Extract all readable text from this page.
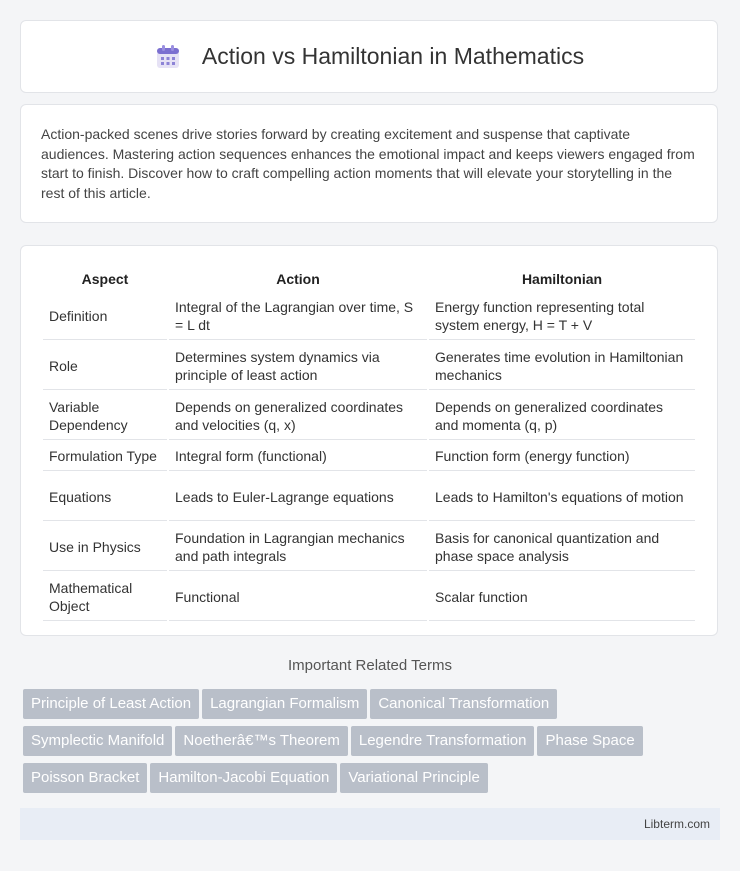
Action vs Hamiltonian in Mathematics

Action-packed scenes drive stories forward by creating excitement and suspense that captivate audiences. Mastering action sequences enhances the emotional impact and keeps viewers engaged from start to finish. Discover how to craft compelling action moments that will elevate your storytelling in the rest of this article.

Aspect	Action	Hamiltonian
Definition	Integral of the Lagrangian over time, S = L dt	Energy function representing total system energy, H = T + V
Role	Determines system dynamics via principle of least action	Generates time evolution in Hamiltonian mechanics
Variable Dependency	Depends on generalized coordinates and velocities (q, x)	Depends on generalized coordinates and momenta (q, p)
Formulation Type	Integral form (functional)	Function form (energy function)
Equations	Leads to Euler-Lagrange equations	Leads to Hamilton's equations of motion
Use in Physics	Foundation in Lagrangian mechanics and path integrals	Basis for canonical quantization and phase space analysis
Mathematical Object	Functional	Scalar function
Important Related Terms
Principle of Least Action Lagrangian Formalism Canonical Transformation
Symplectic Manifold Noetherâ€™s Theorem Legendre Transformation Phase Space
Poisson Bracket Hamilton-Jacobi Equation Variational Principle
Libterm.com
